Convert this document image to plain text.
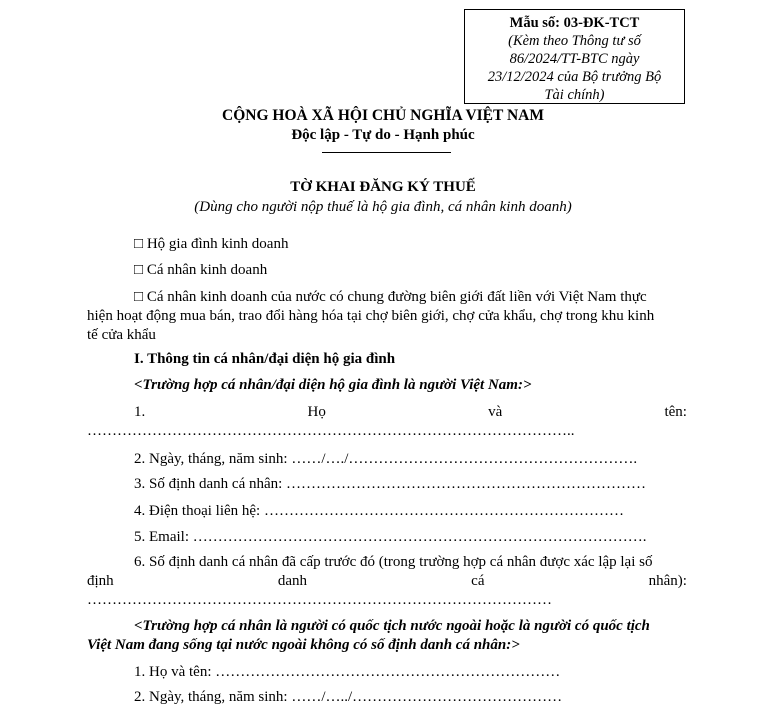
Mẫu số: 03-ĐK-TCT
(Kèm theo Thông tư số
86/2024/TT-BTC ngày
23/12/2024 của Bộ trưởng Bộ
Tài chính)
CỘNG HOÀ XÃ HỘI CHỦ NGHĨA VIỆT NAM
Độc lập - Tự do - Hạnh phúc
TỜ KHAI ĐĂNG KÝ THUẾ
(Dùng cho người nộp thuế là hộ gia đình, cá nhân kinh doanh)
□ Hộ gia đình kinh doanh
□ Cá nhân kinh doanh
□ Cá nhân kinh doanh của nước có chung đường biên giới đất liền với Việt Nam thực
hiện hoạt động mua bán, trao đổi hàng hóa tại chợ biên giới, chợ cửa khẩu, chợ trong khu kinh
tế cửa khẩu
I. Thông tin cá nhân/đại diện hộ gia đình
<Trường hợp cá nhân/đại diện hộ gia đình là người Việt Nam:>
1.	Họ	và	tên:
……………………………………………………………………………………..
2. Ngày, tháng, năm sinh: ……/…./………………………………………………….
3. Số định danh cá nhân: ………………………………………………………………
4. Điện thoại liên hệ: ………………………………………………………………
5. Email: ……………………………………………………………………………….
6. Số định danh cá nhân đã cấp trước đó (trong trường hợp cá nhân được xác lập lại số
định	danh	cá	nhân):
…………………………………………………………………………………
<Trường hợp cá nhân là người có quốc tịch nước ngoài hoặc là người có quốc tịch
Việt Nam đang sống tại nước ngoài không có số định danh cá nhân:>
1. Họ và tên: ……………………………………………………………
2. Ngày, tháng, năm sinh: ……/…../……………………………………
